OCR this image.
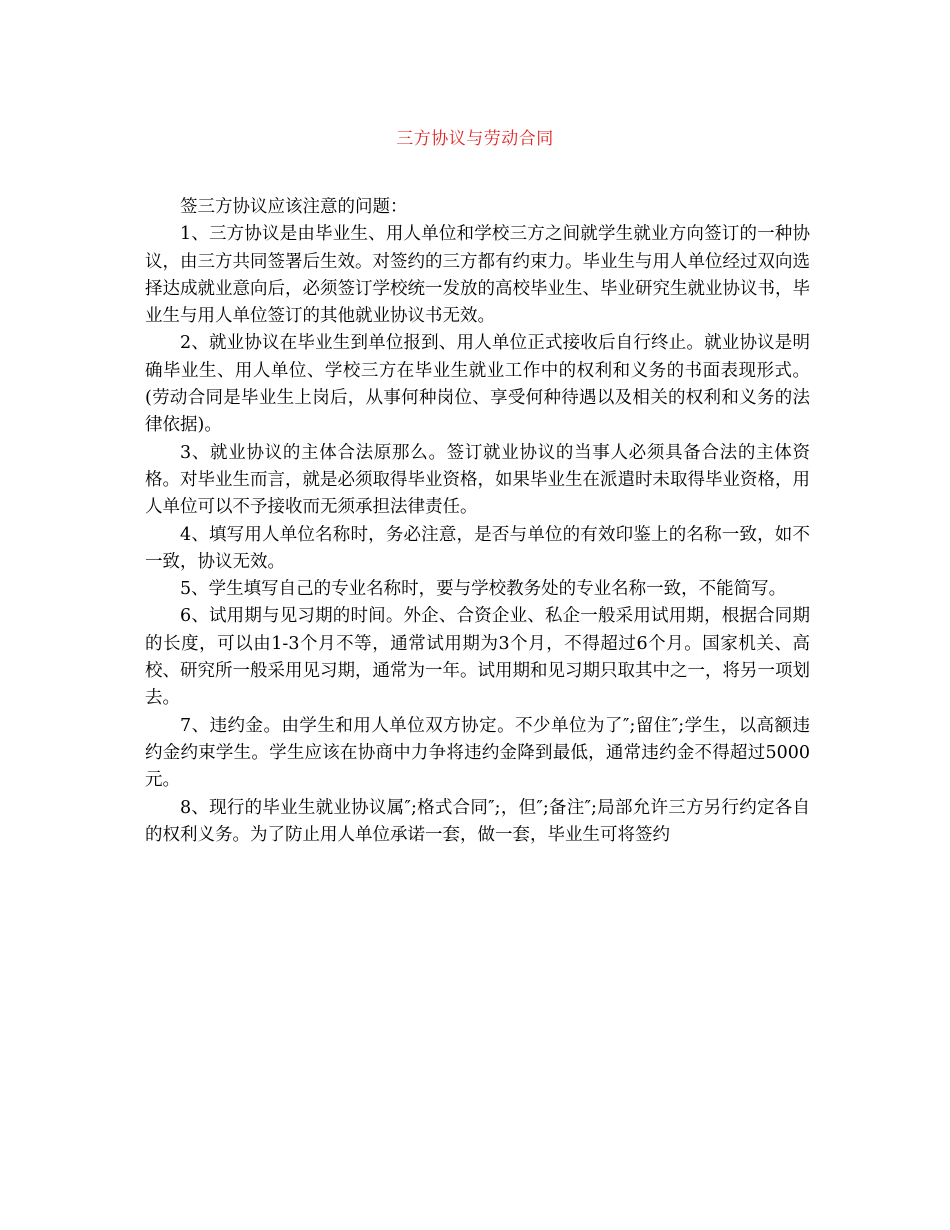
三方协议与劳动合同

签三方协议应该注意的问题：

1、三方协议是由毕业生、用人单位和学校三方之间就学生就业方向签订的一种协议，由三方共同签署后生效。对签约的三方都有约束力。毕业生与用人单位经过双向选择达成就业意向后，必须签订学校统一发放的高校毕业生、毕业研究生就业协议书，毕业生与用人单位签订的其他就业协议书无效。

2、就业协议在毕业生到单位报到、用人单位正式接收后自行终止。就业协议是明确毕业生、用人单位、学校三方在毕业生就业工作中的权利和义务的书面表现形式。(劳动合同是毕业生上岗后，从事何种岗位、享受何种待遇以及相关的权利和义务的法律依据)。

3、就业协议的主体合法原那么。签订就业协议的当事人必须具备合法的主体资格。对毕业生而言，就是必须取得毕业资格，如果毕业生在派遣时未取得毕业资格，用人单位可以不予接收而无须承担法律责任。

4、填写用人单位名称时，务必注意，是否与单位的有效印鉴上的名称一致，如不一致，协议无效。

5、学生填写自己的专业名称时，要与学校教务处的专业名称一致，不能简写。

6、试用期与见习期的时间。外企、合资企业、私企一般采用试用期，根据合同期的长度，可以由1-3个月不等，通常试用期为3个月，不得超过6个月。国家机关、高校、研究所一般采用见习期，通常为一年。试用期和见习期只取其中之一，将另一项划去。

7、违约金。由学生和用人单位双方协定。不少单位为了″;留住″;学生，以高额违约金约束学生。学生应该在协商中力争将违约金降到最低，通常违约金不得超过5000元。

8、现行的毕业生就业协议属″;格式合同″;，但″;备注″;局部允许三方另行约定各自的权利义务。为了防止用人单位承诺一套，做一套，毕业生可将签约
